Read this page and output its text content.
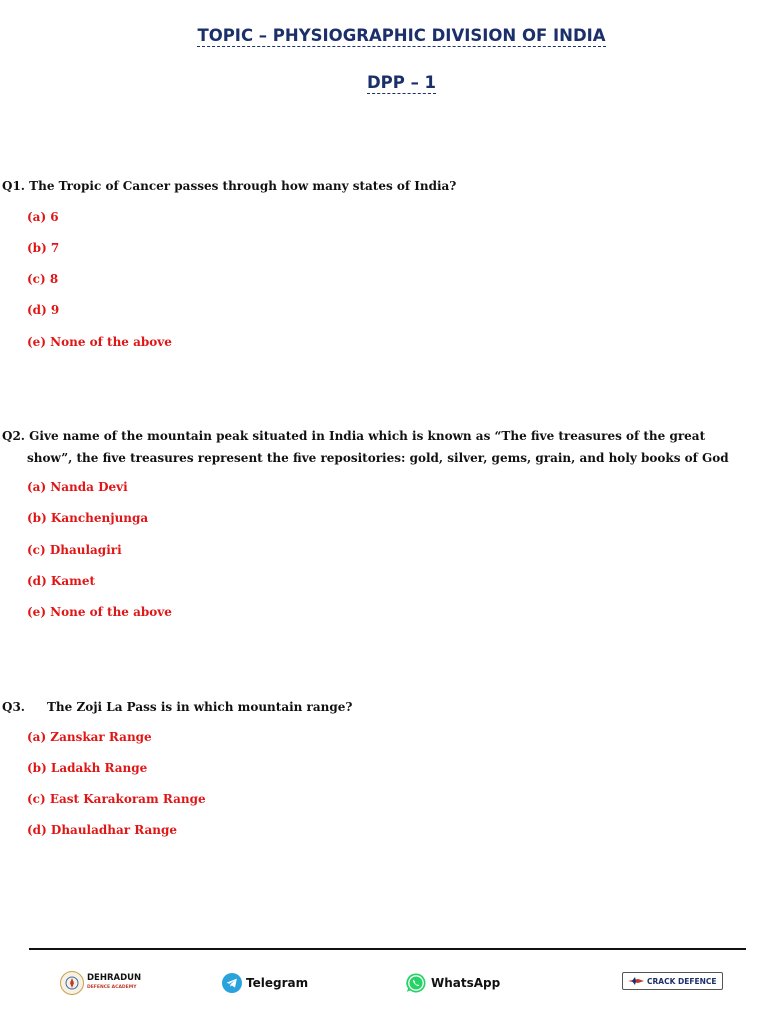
TOPIC – PHYSIOGRAPHIC DIVISION OF INDIA
DPP – 1
Q1. The Tropic of Cancer passes through how many states of India?
(a) 6
(b) 7
(c) 8
(d) 9
(e) None of the above
Q2. Give name of the mountain peak situated in India which is known as “The five treasures of the great
show”, the five treasures represent the five repositories: gold, silver, gems, grain, and holy books of God
(a) Nanda Devi
(b) Kanchenjunga
(c) Dhaulagiri
(d) Kamet
(e) None of the above
Q3. The Zoji La Pass is in which mountain range?
(a) Zanskar Range
(b) Ladakh Range
(c) East Karakoram Range
(d) Dhauladhar Range
DEHRADUN
DEFENCE ACADEMY	Telegram	WhatsApp	CRACK DEFENCE
